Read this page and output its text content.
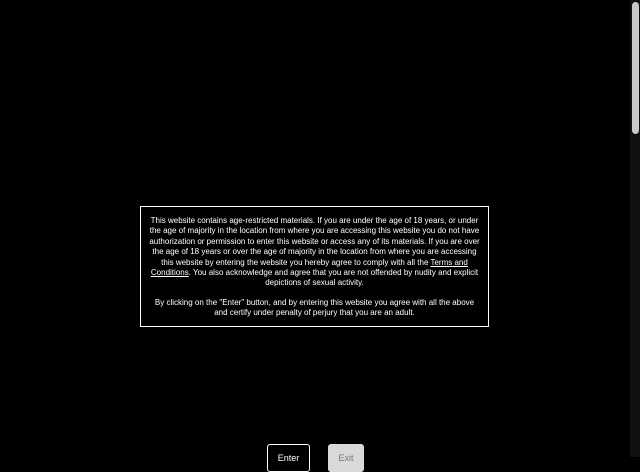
This website contains age-restricted materials. If you are under the age of 18 years, or under the age of majority in the location from where you are accessing this website you do not have authorization or permission to enter this website or access any of its materials. If you are over the age of 18 years or over the age of majority in the location from where you are accessing this website by entering the website you hereby agree to comply with all the Terms and Conditions. You also acknowledge and agree that you are not offended by nudity and explicit depictions of sexual activity.

By clicking on the "Enter" button, and by entering this website you agree with all the above and certify under penalty of perjury that you are an adult.

Enter	Exit
